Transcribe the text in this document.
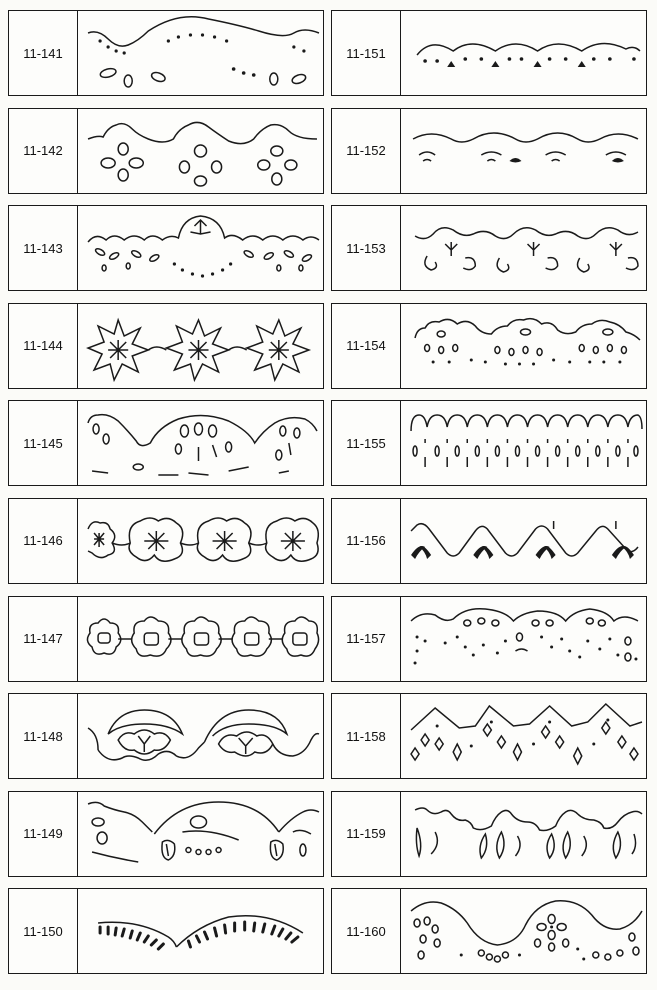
11-141
11-142
11-143
11-144
11-145
11-146
11-147
11-148
11-149
11-150
11-151
11-152
11-153
11-154
11-155
11-156
11-157
11-158
11-159
11-160
